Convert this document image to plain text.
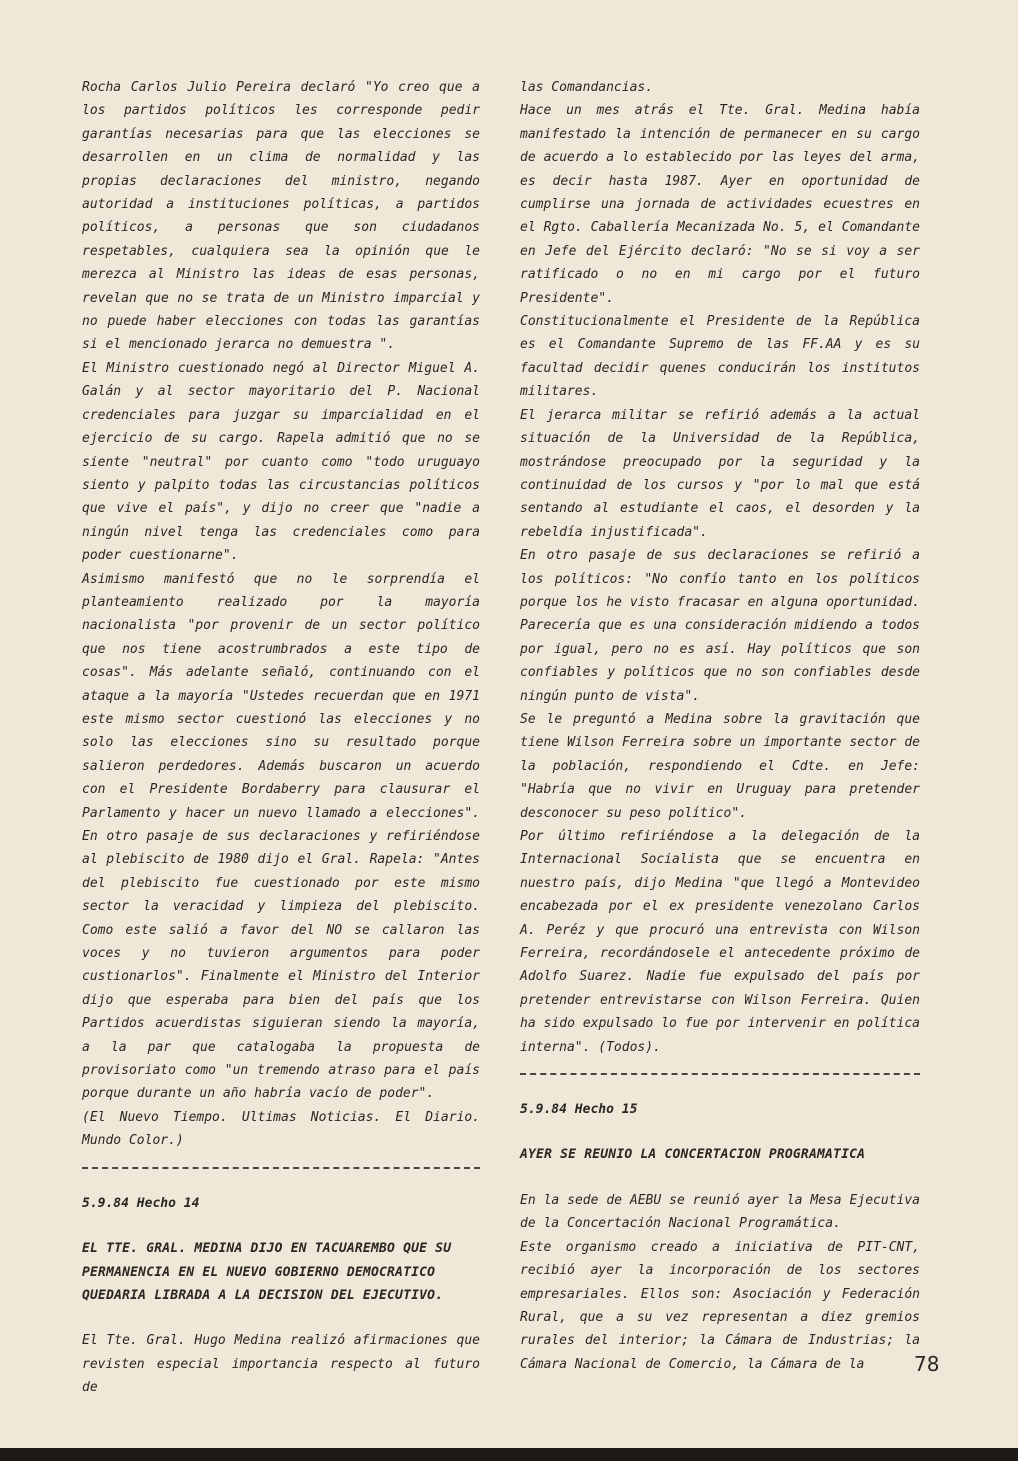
Rocha Carlos Julio Pereira declaró "Yo creo que a los partidos políticos les corresponde pedir garantías necesarias para que las elecciones se desarrollen en un clima de normalidad y las propias declaraciones del ministro, negando autoridad a instituciones políticas, a partidos políticos, a personas que son ciudadanos respetables, cualquiera sea la opinión que le merezca al Ministro las ideas de esas personas, revelan que no se trata de un Ministro imparcial y no puede haber elecciones con todas las garantías si el mencionado jerarca no demuestra ".

El Ministro cuestionado negó al Director Miguel A. Galán y al sector mayoritario del P. Nacional credenciales para juzgar su imparcialidad en el ejercicio de su cargo. Rapela admitió que no se siente "neutral" por cuanto como "todo uruguayo siento y palpito todas las circustancias políticos que vive el país", y dijo no creer que "nadie a ningún nivel tenga las credenciales como para poder cuestionarne".

Asimismo manifestó que no le sorprendía el planteamiento realizado por la mayoría nacionalista "por provenir de un sector político que nos tiene acostrumbrados a este tipo de cosas". Más adelante señaló, continuando con el ataque a la mayoría "Ustedes recuerdan que en 1971 este mismo sector cuestionó las elecciones y no solo las elecciones sino su resultado porque salieron perdedores. Además buscaron un acuerdo con el Presidente Bordaberry para clausurar el Parlamento y hacer un nuevo llamado a elecciones". En otro pasaje de sus declaraciones y refiriéndose al plebiscito de 1980 dijo el Gral. Rapela: "Antes del plebiscito fue cuestionado por este mismo sector la veracidad y limpieza del plebiscito. Como este salió a favor del NO se callaron las voces y no tuvieron argumentos para poder custionarlos". Finalmente el Ministro del Interior dijo que esperaba para bien del país que los Partidos acuerdistas siguieran siendo la mayoría, a la par que catalogaba la propuesta de provisoriato como "un tremendo atraso para el país porque durante un año habría vacío de poder".

(El Nuevo Tiempo. Ultimas Noticias. El Diario. Mundo Color.)

5.9.84 Hecho 14

EL TTE. GRAL. MEDINA DIJO EN TACUAREMBO QUE SU PERMANENCIA EN EL NUEVO GOBIERNO DEMOCRATICO QUEDARIA LIBRADA A LA DECISION DEL EJECUTIVO.

El Tte. Gral. Hugo Medina realizó afirmaciones que revisten especial importancia respecto al futuro de

las Comandancias.

Hace un mes atrás el Tte. Gral. Medina había manifestado la intención de permanecer en su cargo de acuerdo a lo establecido por las leyes del arma, es decir hasta 1987. Ayer en oportunidad de cumplirse una jornada de actividades ecuestres en el Rgto. Caballería Mecanizada No. 5, el Comandante en Jefe del Ejército declaró: "No se si voy a ser ratificado o no en mi cargo por el futuro Presidente".

Constitucionalmente el Presidente de la República es el Comandante Supremo de las FF.AA y es su facultad decidir quenes conducirán los institutos militares.

El jerarca militar se refirió además a la actual situación de la Universidad de la República, mostrándose preocupado por la seguridad y la continuidad de los cursos y "por lo mal que está sentando al estudiante el caos, el desorden y la rebeldía injustificada".

En otro pasaje de sus declaraciones se refirió a los políticos: "No confío tanto en los políticos porque los he visto fracasar en alguna oportunidad. Parecería que es una consideración midiendo a todos por igual, pero no es así. Hay políticos que son confiables y políticos que no son confiables desde ningún punto de vista".

Se le preguntó a Medina sobre la gravitación que tiene Wilson Ferreira sobre un importante sector de la población, respondiendo el Cdte. en Jefe: "Habría que no vivir en Uruguay para pretender desconocer su peso político".

Por último refiriéndose a la delegación de la Internacional Socialista que se encuentra en nuestro país, dijo Medina "que llegó a Montevideo encabezada por el ex presidente venezolano Carlos A. Peréz y que procuró una entrevista con Wilson Ferreira, recordándosele el antecedente próximo de Adolfo Suarez. Nadie fue expulsado del país por pretender entrevistarse con Wilson Ferreira. Quien ha sido expulsado lo fue por intervenir en política interna". (Todos).

5.9.84 Hecho 15

AYER SE REUNIO LA CONCERTACION PROGRAMATICA

En la sede de AEBU se reunió ayer la Mesa Ejecutiva de la Concertación Nacional Programática.

Este organismo creado a iniciativa de PIT-CNT, recibió ayer la incorporación de los sectores empresariales. Ellos son: Asociación y Federación Rural, que a su vez representan a diez gremios rurales del interior; la Cámara de Industrias; la Cámara Nacional de Comercio, la Cámara de la	78
